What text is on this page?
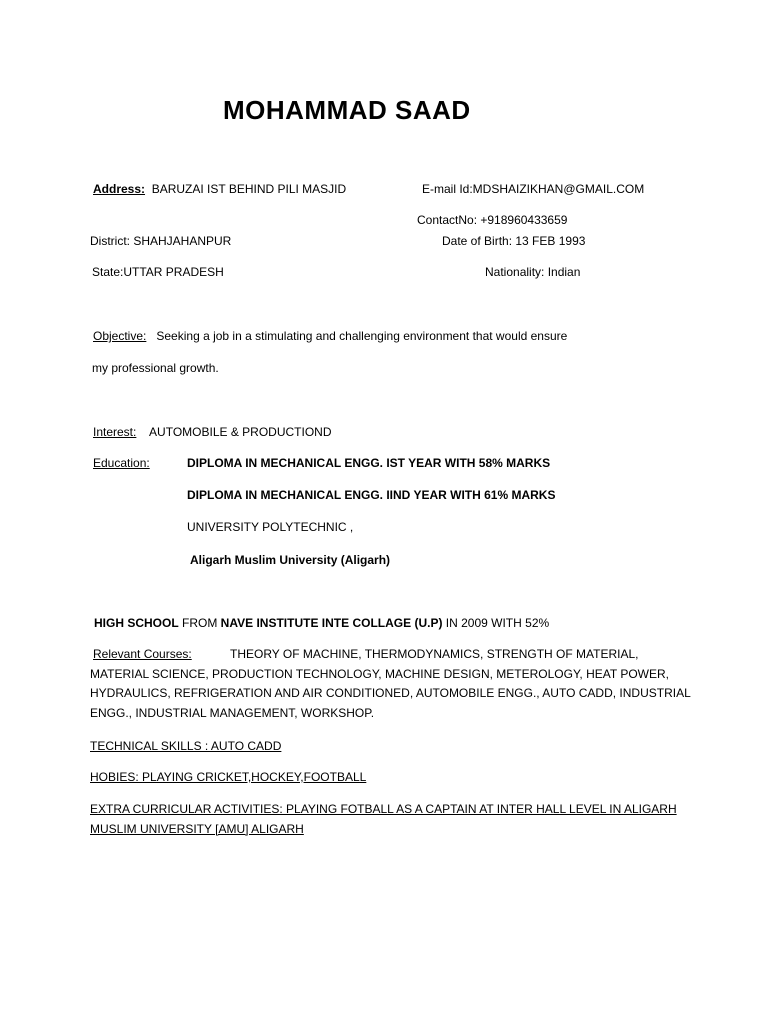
MOHAMMAD SAAD
Address: BARUZAI IST BEHIND PILI MASJID	E-mail Id:MDSHAIZIKHAN@GMAIL.COM
ContactNo: +918960433659
District: SHAHJAHANPUR	Date of Birth: 13 FEB 1993
State:UTTAR PRADESH	Nationality: Indian
Objective: Seeking a job in a stimulating and challenging environment that would ensure
my professional growth.
Interest: AUTOMOBILE & PRODUCTIOND
Education:	DIPLOMA IN MECHANICAL ENGG. IST YEAR WITH 58% MARKS
DIPLOMA IN MECHANICAL ENGG. IIND YEAR WITH 61% MARKS
UNIVERSITY POLYTECHNIC ,
Aligarh Muslim University (Aligarh)
HIGH SCHOOL FROM NAVE INSTITUTE INTE COLLAGE (U.P) IN 2009 WITH 52%
Relevant Courses:	THEORY OF MACHINE, THERMODYNAMICS, STRENGTH OF MATERIAL,
MATERIAL SCIENCE, PRODUCTION TECHNOLOGY, MACHINE DESIGN, METEROLOGY, HEAT POWER,
HYDRAULICS, REFRIGERATION AND AIR CONDITIONED, AUTOMOBILE ENGG., AUTO CADD, INDUSTRIAL
ENGG., INDUSTRIAL MANAGEMENT, WORKSHOP.
TECHNICAL SKILLS : AUTO CADD
HOBIES: PLAYING CRICKET,HOCKEY,FOOTBALL
EXTRA CURRICULAR ACTIVITIES: PLAYING FOTBALL AS A CAPTAIN AT INTER HALL LEVEL IN ALIGARH
MUSLIM UNIVERSITY [AMU] ALIGARH
